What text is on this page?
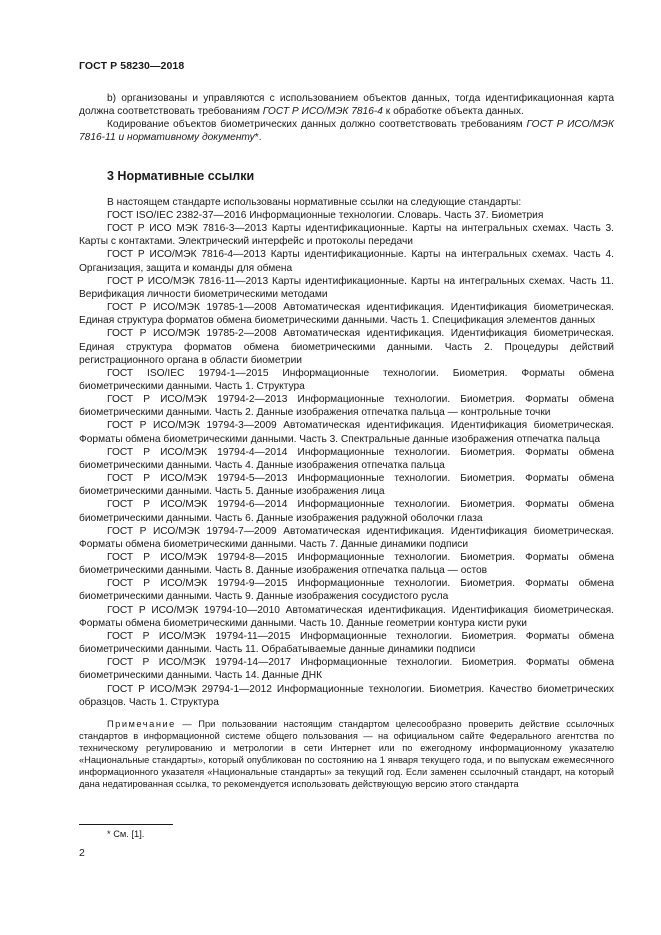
ГОСТ Р 58230—2018

b) организованы и управляются с использованием объектов данных, тогда идентификационная карта должна соответствовать требованиям ГОСТ Р ИСО/МЭК 7816-4 к обработке объекта данных.

Кодирование объектов биометрических данных должно соответствовать требованиям ГОСТ Р ИСО/МЭК 7816-11 и нормативному документу*.

3 Нормативные ссылки

В настоящем стандарте использованы нормативные ссылки на следующие стандарты:

ГОСТ ISO/IEC 2382-37—2016 Информационные технологии. Словарь. Часть 37. Биометрия

ГОСТ Р ИСО МЭК 7816-3—2013 Карты идентификационные. Карты на интегральных схемах. Часть 3. Карты с контактами. Электрический интерфейс и протоколы передачи

ГОСТ Р ИСО/МЭК 7816-4—2013 Карты идентификационные. Карты на интегральных схемах. Часть 4. Организация, защита и команды для обмена

ГОСТ Р ИСО/МЭК 7816-11—2013 Карты идентификационные. Карты на интегральных схемах. Часть 11. Верификация личности биометрическими методами

ГОСТ Р ИСО/МЭК 19785-1—2008 Автоматическая идентификация. Идентификация биометрическая. Единая структура форматов обмена биометрическими данными. Часть 1. Спецификация элементов данных

ГОСТ Р ИСО/МЭК 19785-2—2008 Автоматическая идентификация. Идентификация биометрическая. Единая структура форматов обмена биометрическими данными. Часть 2. Процедуры действий регистрационного органа в области биометрии

ГОСТ ISO/IEC 19794-1—2015 Информационные технологии. Биометрия. Форматы обмена биометрическими данными. Часть 1. Структура

ГОСТ Р ИСО/МЭК 19794-2—2013 Информационные технологии. Биометрия. Форматы обмена биометрическими данными. Часть 2. Данные изображения отпечатка пальца — контрольные точки

ГОСТ Р ИСО/МЭК 19794-3—2009 Автоматическая идентификация. Идентификация биометрическая. Форматы обмена биометрическими данными. Часть 3. Спектральные данные изображения отпечатка пальца

ГОСТ Р ИСО/МЭК 19794-4—2014 Информационные технологии. Биометрия. Форматы обмена биометрическими данными. Часть 4. Данные изображения отпечатка пальца

ГОСТ Р ИСО/МЭК 19794-5—2013 Информационные технологии. Биометрия. Форматы обмена биометрическими данными. Часть 5. Данные изображения лица

ГОСТ Р ИСО/МЭК 19794-6—2014 Информационные технологии. Биометрия. Форматы обмена биометрическими данными. Часть 6. Данные изображения радужной оболочки глаза

ГОСТ Р ИСО/МЭК 19794-7—2009 Автоматическая идентификация. Идентификация биометрическая. Форматы обмена биометрическими данными. Часть 7. Данные динамики подписи

ГОСТ Р ИСО/МЭК 19794-8—2015 Информационные технологии. Биометрия. Форматы обмена биометрическими данными. Часть 8. Данные изображения отпечатка пальца — остов

ГОСТ Р ИСО/МЭК 19794-9—2015 Информационные технологии. Биометрия. Форматы обмена биометрическими данными. Часть 9. Данные изображения сосудистого русла

ГОСТ Р ИСО/МЭК 19794-10—2010 Автоматическая идентификация. Идентификация биометрическая. Форматы обмена биометрическими данными. Часть 10. Данные геометрии контура кисти руки

ГОСТ Р ИСО/МЭК 19794-11—2015 Информационные технологии. Биометрия. Форматы обмена биометрическими данными. Часть 11. Обрабатываемые данные динамики подписи

ГОСТ Р ИСО/МЭК 19794-14—2017 Информационные технологии. Биометрия. Форматы обмена биометрическими данными. Часть 14. Данные ДНК

ГОСТ Р ИСО/МЭК 29794-1—2012 Информационные технологии. Биометрия. Качество биометрических образцов. Часть 1. Структура

Примечание — При пользовании настоящим стандартом целесообразно проверить действие ссылочных стандартов в информационной системе общего пользования — на официальном сайте Федерального агентства по техническому регулированию и метрологии в сети Интернет или по ежегодному информационному указателю «Национальные стандарты», который опубликован по состоянию на 1 января текущего года, и по выпускам ежемесячного информационного указателя «Национальные стандарты» за текущий год. Если заменен ссылочный стандарт, на который дана недатированная ссылка, то рекомендуется использовать действующую версию этого стандарта
* См. [1].
2
